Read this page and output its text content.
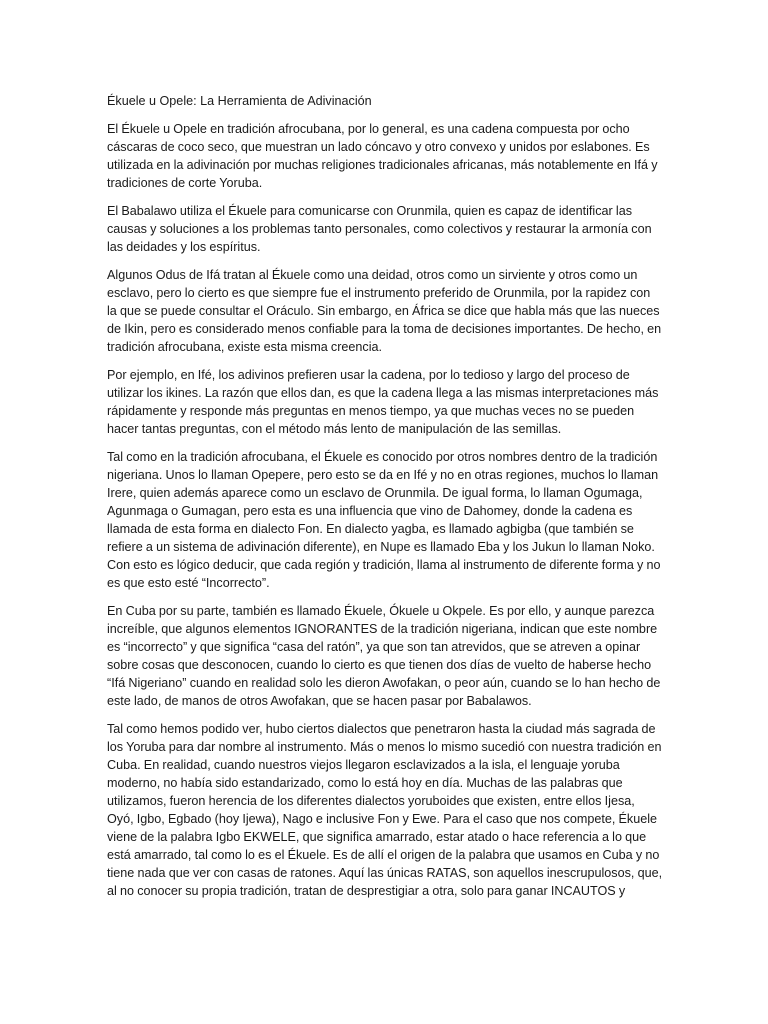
Ékuele u Opele: La Herramienta de Adivinación

El Ékuele u Opele en tradición afrocubana, por lo general, es una cadena compuesta por ocho cáscaras de coco seco, que muestran un lado cóncavo y otro convexo y unidos por eslabones. Es utilizada en la adivinación por muchas religiones tradicionales africanas, más notablemente en Ifá y tradiciones de corte Yoruba.

El Babalawo utiliza el Ékuele para comunicarse con Orunmila, quien es capaz de identificar las causas y soluciones a los problemas tanto personales, como colectivos y restaurar la armonía con las deidades y los espíritus.

Algunos Odus de Ifá tratan al Ékuele como una deidad, otros como un sirviente y otros como un esclavo, pero lo cierto es que siempre fue el instrumento preferido de Orunmila, por la rapidez con la que se puede consultar el Oráculo. Sin embargo, en África se dice que habla más que las nueces de Ikin, pero es considerado menos confiable para la toma de decisiones importantes. De hecho, en tradición afrocubana, existe esta misma creencia.

Por ejemplo, en Ifé, los adivinos prefieren usar la cadena, por lo tedioso y largo del proceso de utilizar los ikines. La razón que ellos dan, es que la cadena llega a las mismas interpretaciones más rápidamente y responde más preguntas en menos tiempo, ya que muchas veces no se pueden hacer tantas preguntas, con el método más lento de manipulación de las semillas.

Tal como en la tradición afrocubana, el Ékuele es conocido por otros nombres dentro de la tradición nigeriana. Unos lo llaman Opepere, pero esto se da en Ifé y no en otras regiones, muchos lo llaman Irere, quien además aparece como un esclavo de Orunmila. De igual forma, lo llaman Ogumaga, Agunmaga o Gumagan, pero esta es una influencia que vino de Dahomey, donde la cadena es llamada de esta forma en dialecto Fon. En dialecto yagba, es llamado agbigba (que también se refiere a un sistema de adivinación diferente), en Nupe es llamado Eba y los Jukun lo llaman Noko. Con esto es lógico deducir, que cada región y tradición, llama al instrumento de diferente forma y no es que esto esté “Incorrecto”.

En Cuba por su parte, también es llamado Ékuele, Ókuele u Okpele. Es por ello, y aunque parezca increíble, que algunos elementos IGNORANTES de la tradición nigeriana, indican que este nombre es “incorrecto” y que significa “casa del ratón”, ya que son tan atrevidos, que se atreven a opinar sobre cosas que desconocen, cuando lo cierto es que tienen dos días de vuelto de haberse hecho “Ifá Nigeriano” cuando en realidad solo les dieron Awofakan, o peor aún, cuando se lo han hecho de este lado, de manos de otros Awofakan, que se hacen pasar por Babalawos.

Tal como hemos podido ver, hubo ciertos dialectos que penetraron hasta la ciudad más sagrada de los Yoruba para dar nombre al instrumento. Más o menos lo mismo sucedió con nuestra tradición en Cuba. En realidad, cuando nuestros viejos llegaron esclavizados a la isla, el lenguaje yoruba moderno, no había sido estandarizado, como lo está hoy en día. Muchas de las palabras que utilizamos, fueron herencia de los diferentes dialectos yoruboides que existen, entre ellos Ijesa, Oyó, Igbo, Egbado (hoy Ijewa), Nago e inclusive Fon y Ewe. Para el caso que nos compete, Ékuele viene de la palabra Igbo EKWELE, que significa amarrado, estar atado o hace referencia a lo que está amarrado, tal como lo es el Ékuele. Es de allí el origen de la palabra que usamos en Cuba y no tiene nada que ver con casas de ratones. Aquí las únicas RATAS, son aquellos inescrupulosos, que, al no conocer su propia tradición, tratan de desprestigiar a otra, solo para ganar INCAUTOS y
